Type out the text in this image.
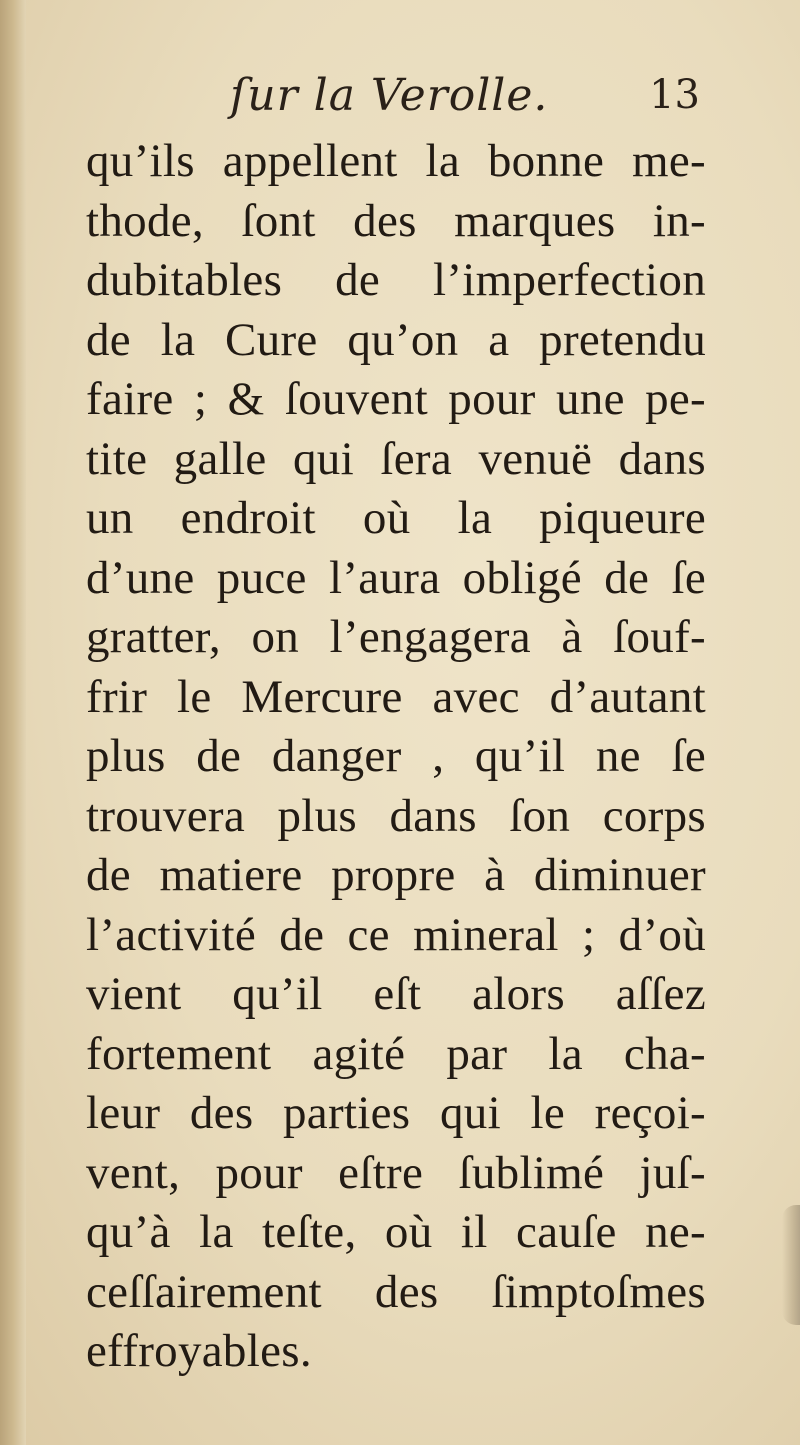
ſur la Verolle.	13
qu’ils appellent la bonne me-
thode, ſont des marques in-
dubitables de l’imperfection
de la Cure qu’on a pretendu
faire ; & ſouvent pour une pe-
tite galle qui ſera venuë dans
un endroit où la piqueure
d’une puce l’aura obligé de ſe
gratter, on l’engagera à ſouf-
frir le Mercure avec d’autant
plus de danger , qu’il ne ſe
trouvera plus dans ſon corps
de matiere propre à diminuer
l’activité de ce mineral ; d’où
vient qu’il eſt alors aſſez
fortement agité par la cha-
leur des parties qui le reçoi-
vent, pour eſtre ſublimé juſ-
qu’à la teſte, où il cauſe ne-
ceſſairement des ſimptoſmes
effroyables.
